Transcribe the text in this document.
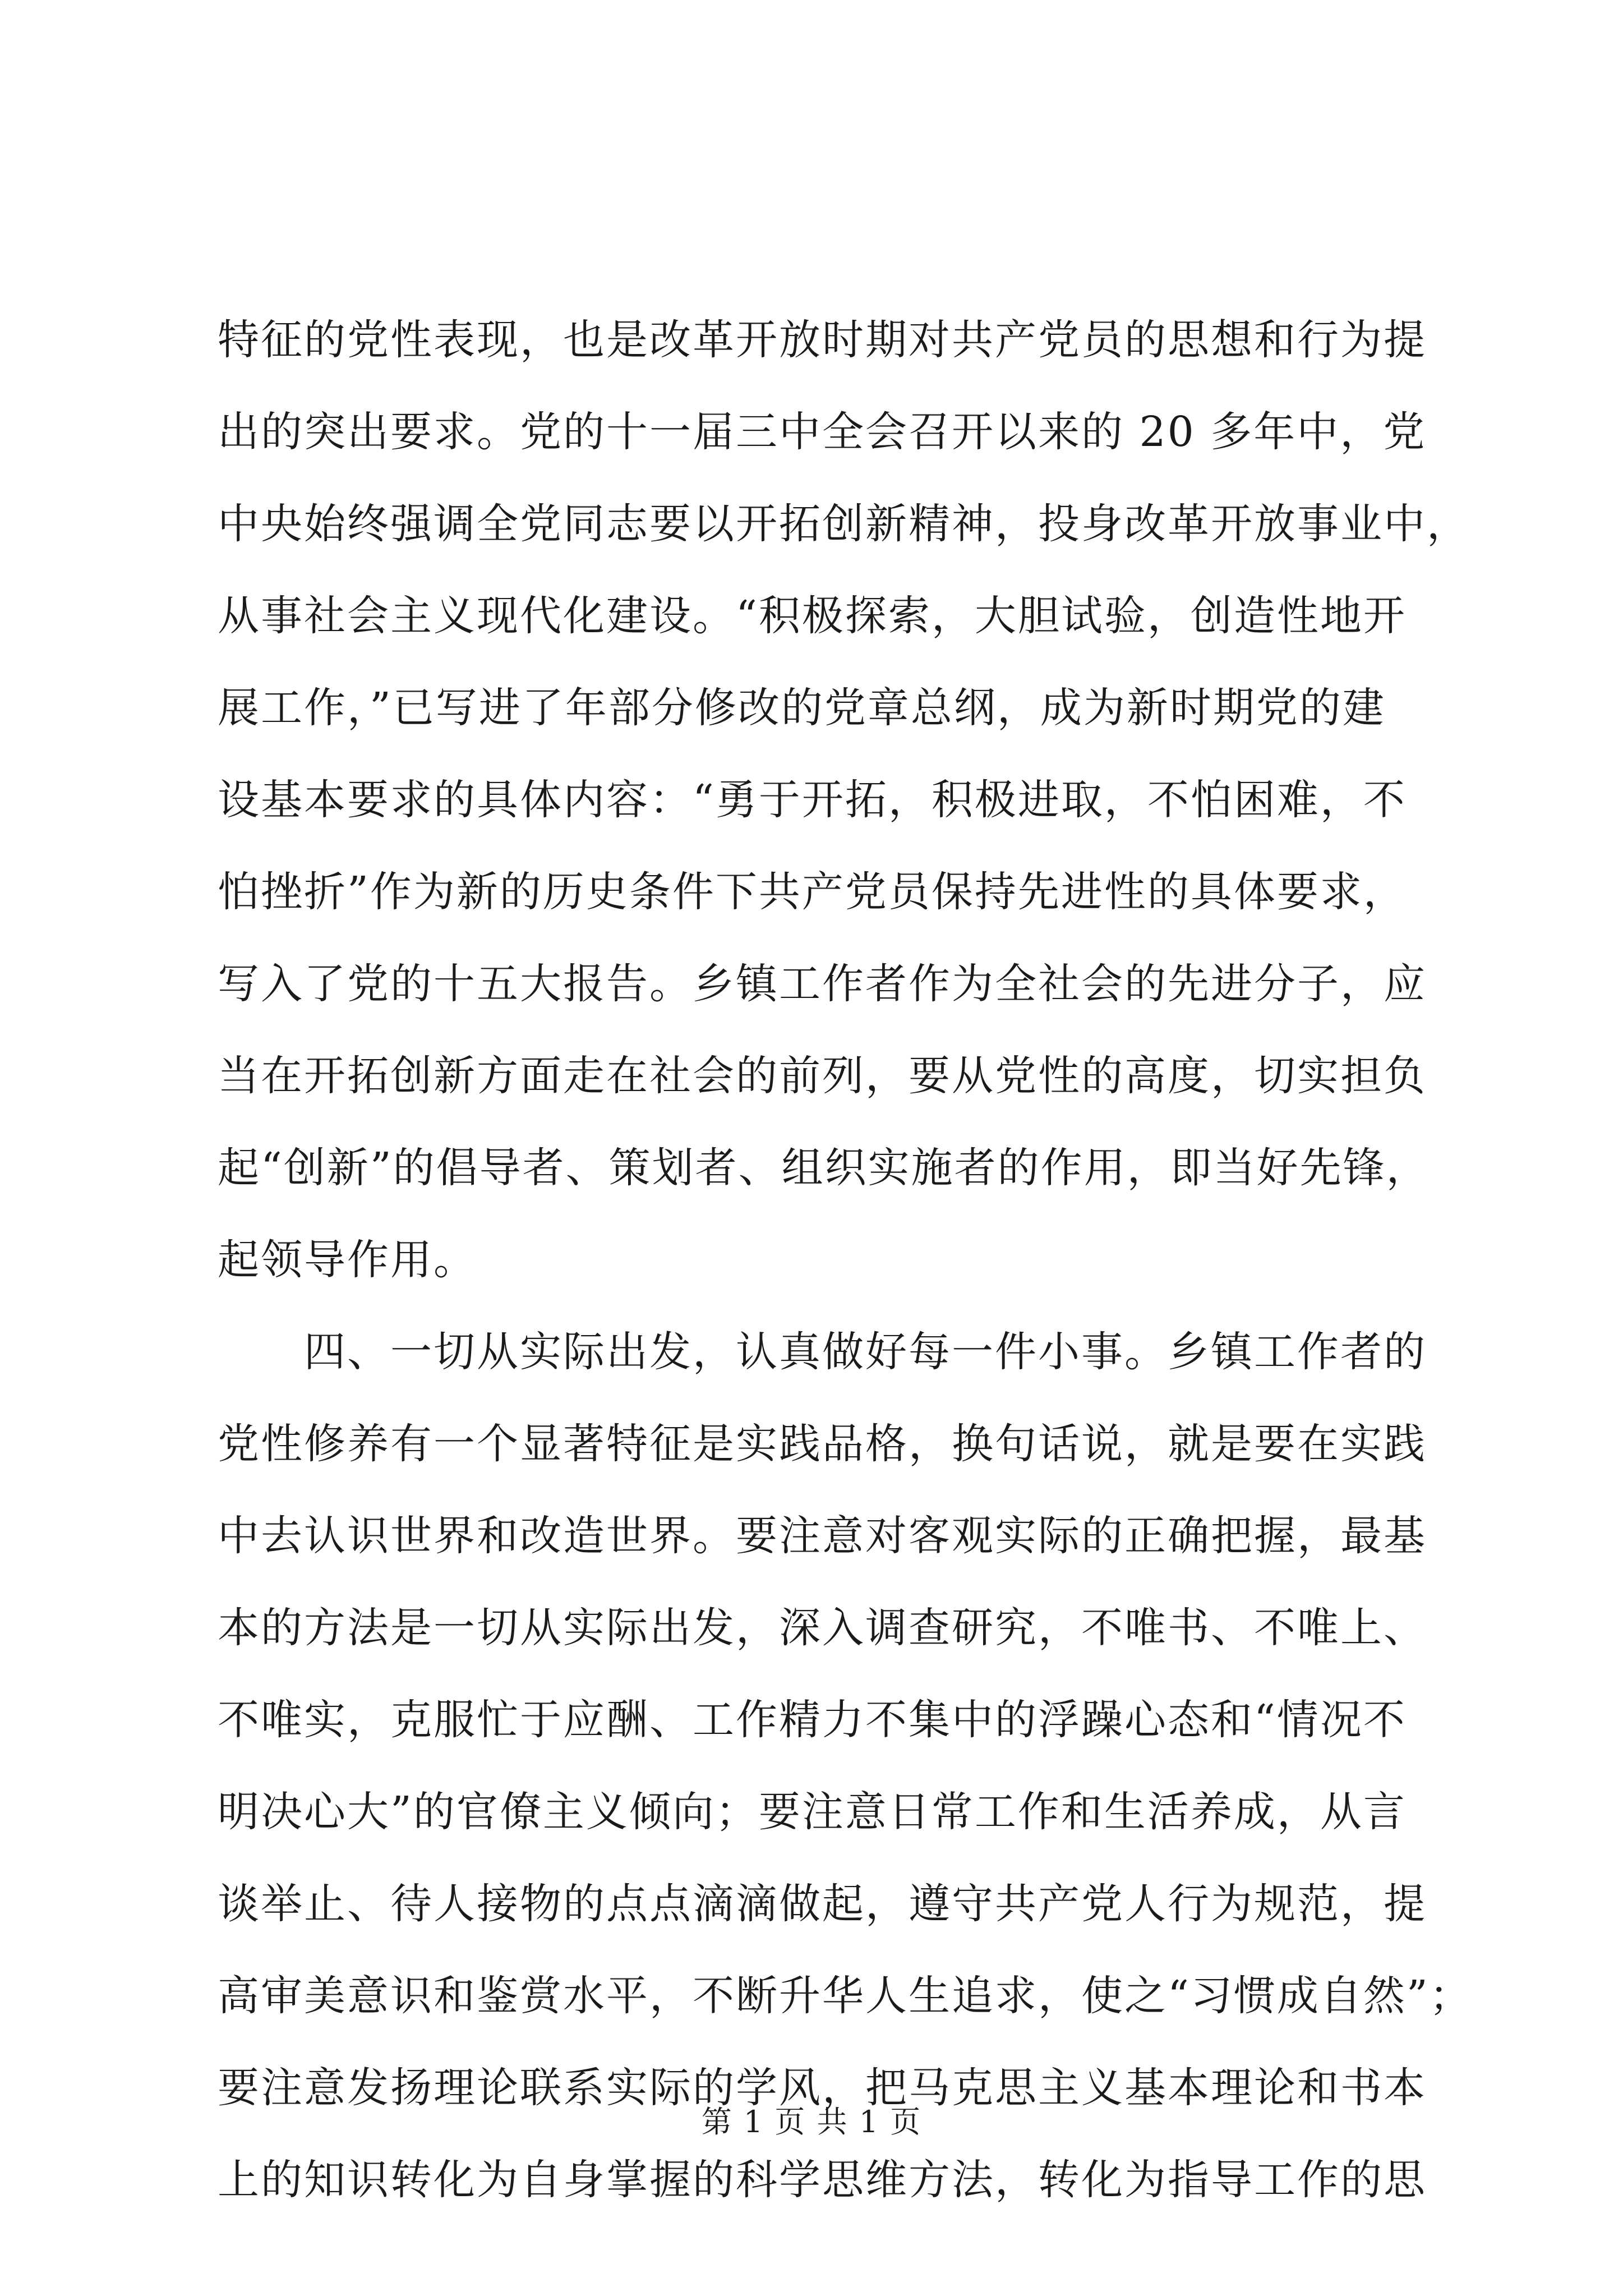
特征的党性表现，也是改革开放时期对共产党员的思想和行为提
出的突出要求。党的十一届三中全会召开以来的 20 多年中，党
中央始终强调全党同志要以开拓创新精神，投身改革开放事业中，
从事社会主义现代化建设。“积极探索，大胆试验，创造性地开
展工作，”已写进了年部分修改的党章总纲，成为新时期党的建
设基本要求的具体内容：“勇于开拓，积极进取，不怕困难，不
怕挫折”作为新的历史条件下共产党员保持先进性的具体要求，
写入了党的十五大报告。乡镇工作者作为全社会的先进分子，应
当在开拓创新方面走在社会的前列，要从党性的高度，切实担负
起“创新”的倡导者、策划者、组织实施者的作用，即当好先锋，
起领导作用。
　　四、一切从实际出发，认真做好每一件小事。乡镇工作者的
党性修养有一个显著特征是实践品格，换句话说，就是要在实践
中去认识世界和改造世界。要注意对客观实际的正确把握，最基
本的方法是一切从实际出发，深入调查研究，不唯书、不唯上、
不唯实，克服忙于应酬、工作精力不集中的浮躁心态和“情况不
明决心大”的官僚主义倾向；要注意日常工作和生活养成，从言
谈举止、待人接物的点点滴滴做起，遵守共产党人行为规范，提
高审美意识和鉴赏水平，不断升华人生追求，使之“习惯成自然”；
要注意发扬理论联系实际的学风，把马克思主义基本理论和书本
上的知识转化为自身掌握的科学思维方法，转化为指导工作的思
第 1 页 共 1 页
